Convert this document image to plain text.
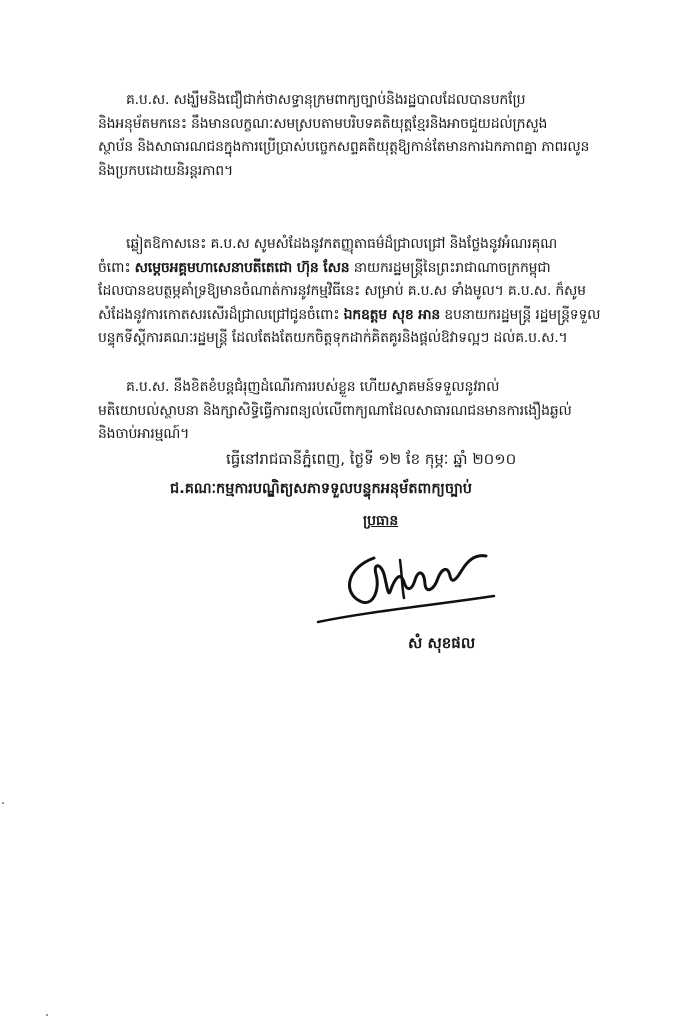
គ.ប.ស. សង្ឃឹមនិងជឿជាក់ថាសទ្ធានុក្រមពាក្យច្បាប់និងរដ្ឋបាលដែលបានបកប្រែ
និងអនុម័តមកនេះ នឹងមានលក្ខណៈសមស្របតាមបរិបទគតិយុត្តខ្មែរនិងអាចជួយដល់ក្រសួង
ស្ថាប័ន និងសាធារណជនក្នុងការប្រើប្រាស់បច្ចេកសព្ទគតិយុត្តឱ្យកាន់តែមានការឯកភាពគ្នា ភាពរលូន
និងប្រកបដោយនិរន្តរភាព។
ឆ្លៀតឱកាសនេះ គ.ប.ស សូមសំដែងនូវកតញ្ញុតាធម៌ដ៏ជ្រាលជ្រៅ និងថ្លែងនូវអំណរគុណ
ចំពោះ សម្តេចអគ្គមហាសេនាបតីតេជោ ហ៊ុន សែន នាយករដ្ឋមន្ត្រីនៃព្រះរាជាណាចក្រកម្ពុជា
ដែលបានឧបត្ថម្ភគាំទ្រឱ្យមានចំណាត់ការនូវកម្មវិធីនេះ សម្រាប់ គ.ប.ស ទាំងមូល។ គ.ប.ស. ក៏សូម
សំដែងនូវការកោតសរសើរដ៏ជ្រាលជ្រៅជូនចំពោះ ឯកឧត្តម សុខ អាន ឧបនាយករដ្ឋមន្ត្រី រដ្ឋមន្ត្រីទទួល
បន្ទុកទីស្តីការគណៈរដ្ឋមន្ត្រី ដែលតែងតែយកចិត្តទុកដាក់គិតគូរនិងផ្តល់ឱវាទល្អៗ ដល់គ.ប.ស.។
គ.ប.ស. នឹងខិតខំបន្តជំរុញដំណើរការរបស់ខ្លួន ហើយស្វាគមន៍ទទួលនូវរាល់
មតិយោបល់ស្ថាបនា និងក្សាសិទ្ធិធ្វើការពន្យល់លើពាក្យណាដែលសាធារណជនមានការងឿងឆ្ងល់
និងចាប់អារម្មណ៍។
ធ្វើនៅរាជធានីភ្នំពេញ, ថ្ងៃទី ១២ ខែ កុម្ភៈ ឆ្នាំ ២០១០
ជ.គណៈកម្មការបណ្ឌិត្យសភាទទួលបន្ទុកអនុម័តពាក្យច្បាប់
ប្រធាន
សំ សុខផល
